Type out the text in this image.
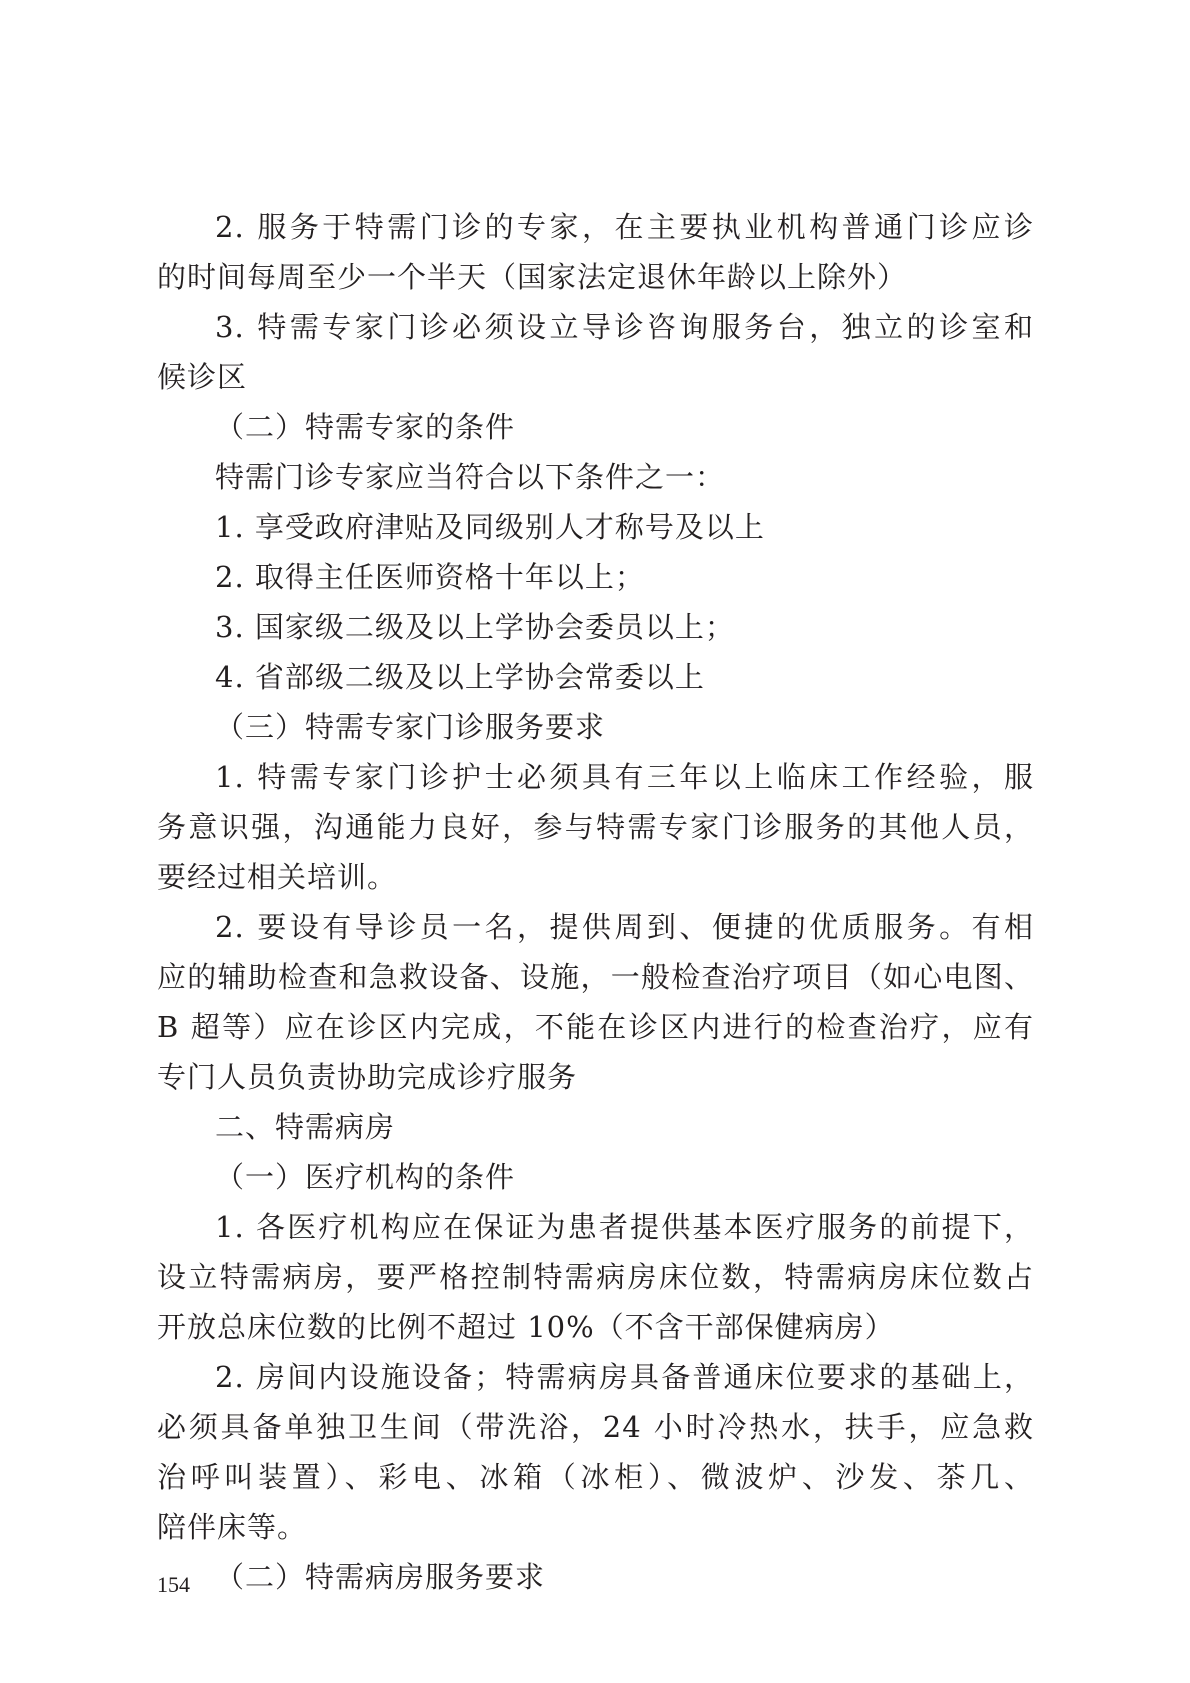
2. 服务于特需门诊的专家，在主要执业机构普通门诊应诊
的时间每周至少一个半天（国家法定退休年龄以上除外）
3. 特需专家门诊必须设立导诊咨询服务台，独立的诊室和
候诊区
（二）特需专家的条件
特需门诊专家应当符合以下条件之一：
1. 享受政府津贴及同级别人才称号及以上
2. 取得主任医师资格十年以上；
3. 国家级二级及以上学协会委员以上；
4. 省部级二级及以上学协会常委以上
（三）特需专家门诊服务要求
1. 特需专家门诊护士必须具有三年以上临床工作经验，服
务意识强，沟通能力良好，参与特需专家门诊服务的其他人员，
要经过相关培训。
2. 要设有导诊员一名，提供周到、便捷的优质服务。有相
应的辅助检查和急救设备、设施，一般检查治疗项目（如心电图、
B 超等）应在诊区内完成，不能在诊区内进行的检查治疗，应有
专门人员负责协助完成诊疗服务
二、特需病房
（一）医疗机构的条件
1. 各医疗机构应在保证为患者提供基本医疗服务的前提下，
设立特需病房，要严格控制特需病房床位数，特需病房床位数占
开放总床位数的比例不超过 10%（不含干部保健病房）
2. 房间内设施设备；特需病房具备普通床位要求的基础上，
必须具备单独卫生间（带洗浴，24 小时冷热水，扶手，应急救
治呼叫装置）、彩电、冰箱（冰柜）、微波炉、沙发、茶几、
陪伴床等。
（二）特需病房服务要求
154
